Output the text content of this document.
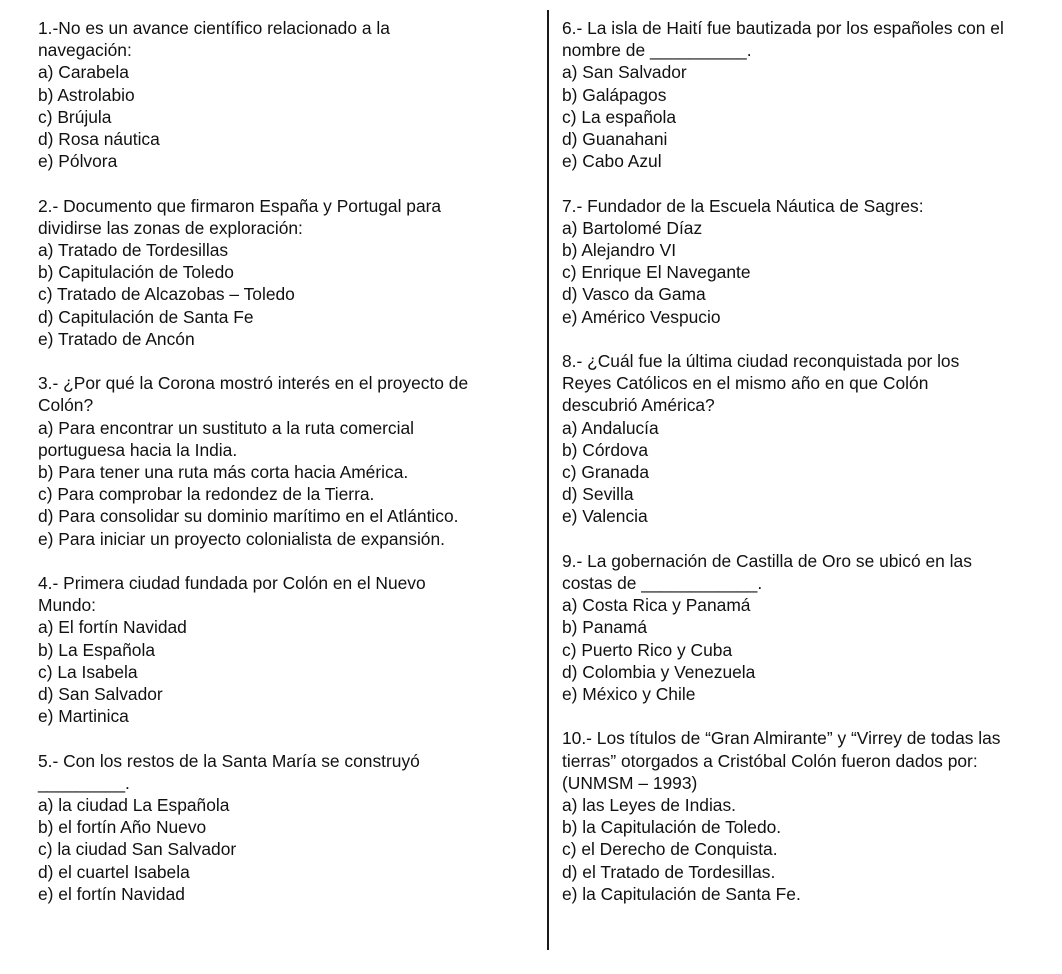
1.-No es un avance científico relacionado a la

navegación:

a) Carabela

b) Astrolabio

c) Brújula

d) Rosa náutica

e) Pólvora

2.- Documento que firmaron España y Portugal para

dividirse las zonas de exploración:

a) Tratado de Tordesillas

b) Capitulación de Toledo

c) Tratado de Alcazobas – Toledo

d) Capitulación de Santa Fe

e) Tratado de Ancón

3.- ¿Por qué la Corona mostró interés en el proyecto de

Colón?

a) Para encontrar un sustituto a la ruta comercial

portuguesa hacia la India.

b) Para tener una ruta más corta hacia América.

c) Para comprobar la redondez de la Tierra.

d) Para consolidar su dominio marítimo en el Atlántico.

e) Para iniciar un proyecto colonialista de expansión.

4.- Primera ciudad fundada por Colón en el Nuevo

Mundo:

a) El fortín Navidad

b) La Española

c) La Isabela

d) San Salvador

e) Martinica

5.- Con los restos de la Santa María se construyó

_________.

a) la ciudad La Española

b) el fortín Año Nuevo

c) la ciudad San Salvador

d) el cuartel Isabela

e) el fortín Navidad

6.- La isla de Haití fue bautizada por los españoles con el

nombre de __________.

a) San Salvador

b) Galápagos

c) La española

d) Guanahani

e) Cabo Azul

7.- Fundador de la Escuela Náutica de Sagres:

a) Bartolomé Díaz

b) Alejandro VI

c) Enrique El Navegante

d) Vasco da Gama

e) Américo Vespucio

8.- ¿Cuál fue la última ciudad reconquistada por los

Reyes Católicos en el mismo año en que Colón

descubrió América?

a) Andalucía

b) Córdova

c) Granada

d) Sevilla

e) Valencia

9.- La gobernación de Castilla de Oro se ubicó en las

costas de ____________.

a) Costa Rica y Panamá

b) Panamá

c) Puerto Rico y Cuba

d) Colombia y Venezuela

e) México y Chile

10.- Los títulos de “Gran Almirante” y “Virrey de todas las

tierras” otorgados a Cristóbal Colón fueron dados por:

(UNMSM – 1993)

a) las Leyes de Indias.

b) la Capitulación de Toledo.

c) el Derecho de Conquista.

d) el Tratado de Tordesillas.

e) la Capitulación de Santa Fe.
